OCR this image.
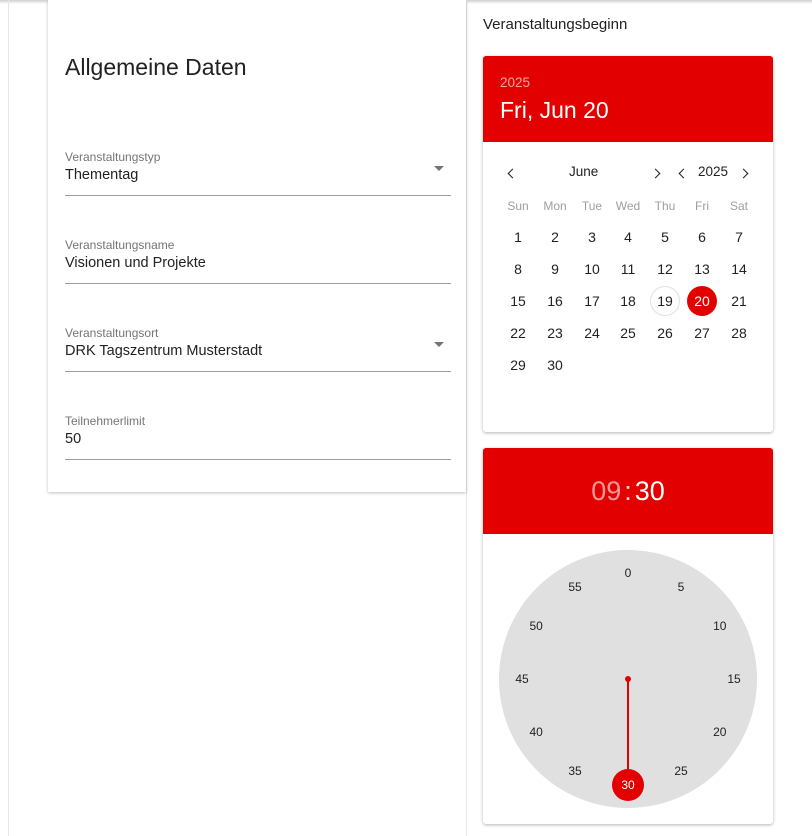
Allgemeine Daten
Veranstaltungstyp
Thementag
Veranstaltungsname
Visionen und Projekte
Veranstaltungsort
DRK Tagszentrum Musterstadt
Teilnehmerlimit
50
Veranstaltungsbeginn
2025
Fri, Jun 20
June	2025
Sun	Mon	Tue	Wed	Thu	Fri	Sat
1	2	3	4	5	6	7
8	9	10	11	12	13	14
15	16	17	18	19	20	21
22	23	24	25	26	27	28
29	30
09 : 30
0
5
10
15
20
25
30
35
40
45
50
55
